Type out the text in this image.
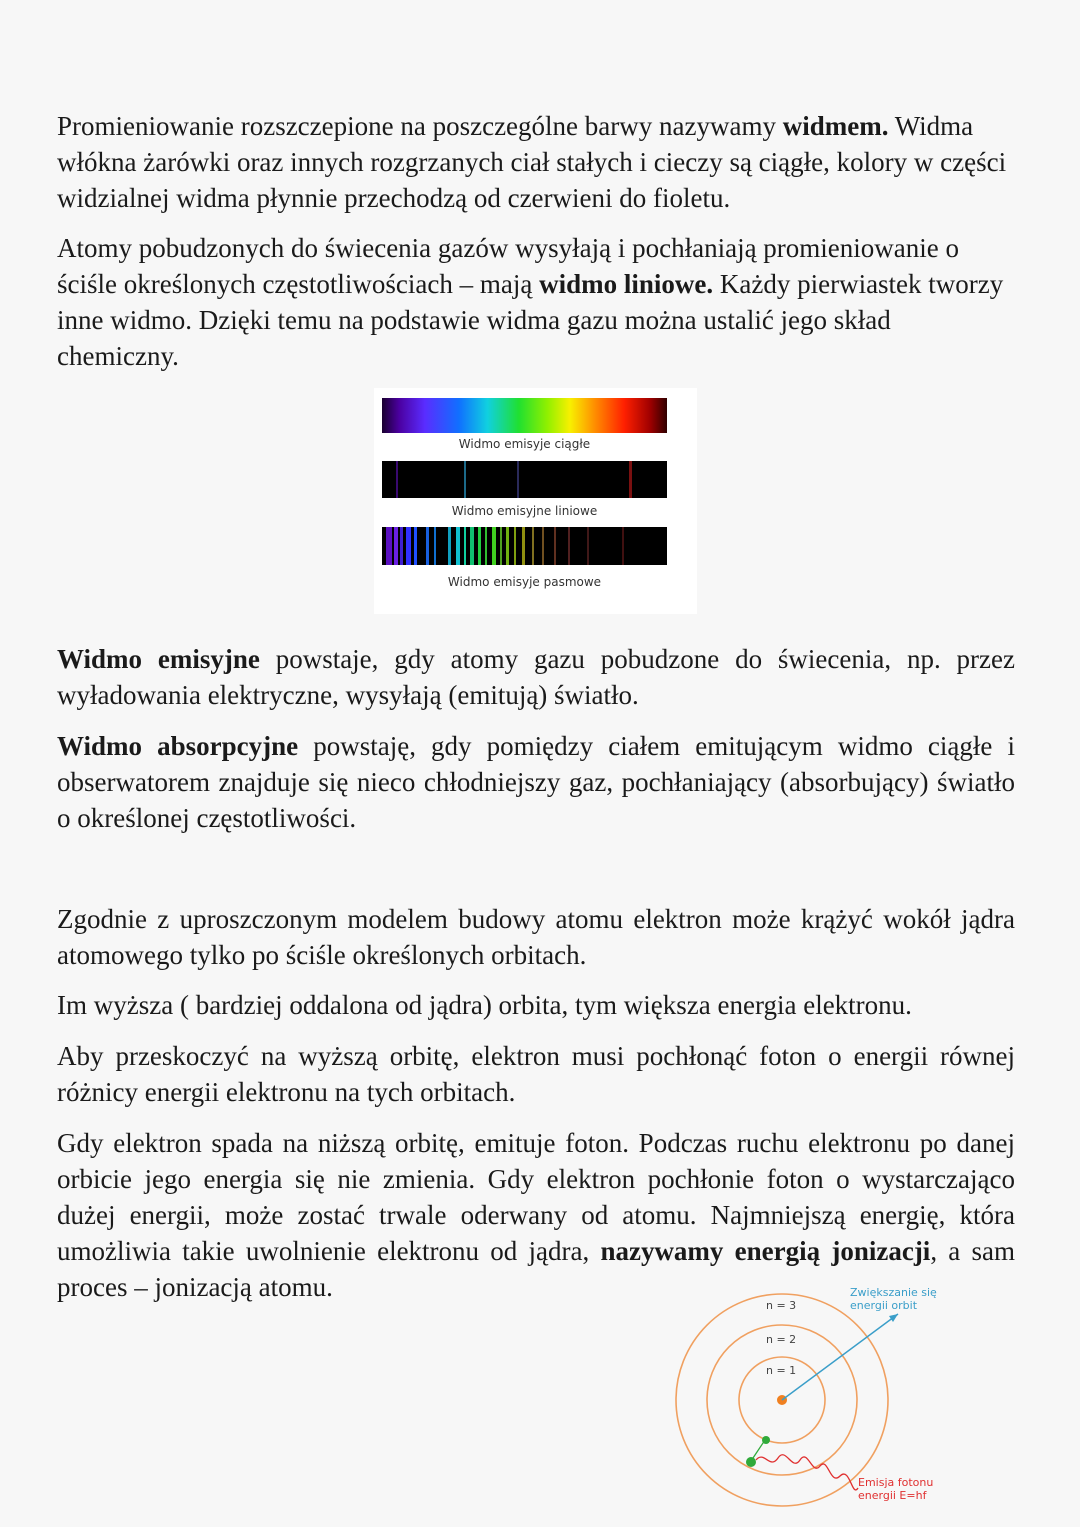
Promieniowanie rozszczepione na poszczególne barwy nazywamy widmem. Widma włókna żarówki oraz innych rozgrzanych ciał stałych i cieczy są ciągłe, kolory w części widzialnej widma płynnie przechodzą od czerwieni do fioletu.

Atomy pobudzonych do świecenia gazów wysyłają i pochłaniają promieniowanie o ściśle określonych częstotliwościach – mają widmo liniowe. Każdy pierwiastek tworzy inne widmo. Dzięki temu na podstawie widma gazu można ustalić jego skład chemiczny.

Widmo emisyje ciągłe
Widmo emisyjne liniowe
Widmo emisyje pasmowe

Widmo emisyjne powstaje, gdy atomy gazu pobudzone do świecenia, np. przez wyładowania elektryczne, wysyłają (emitują) światło.

Widmo absorpcyjne powstaję, gdy pomiędzy ciałem emitującym widmo ciągłe i obserwatorem znajduje się nieco chłodniejszy gaz, pochłaniający (absorbujący) światło o określonej częstotliwości.

Zgodnie z uproszczonym modelem budowy atomu elektron może krążyć wokół jądra atomowego tylko po ściśle określonych orbitach.

Im wyższa ( bardziej oddalona od jądra) orbita, tym większa energia elektronu.

Aby przeskoczyć na wyższą orbitę, elektron musi pochłonąć foton o energii równej różnicy energii elektronu na tych orbitach.

Gdy elektron spada na niższą orbitę, emituje foton. Podczas ruchu elektronu po danej orbicie jego energia się nie zmienia. Gdy elektron pochłonie foton o wystarczająco dużej energii, może zostać trwale oderwany od atomu. Najmniejszą energię, która umożliwia takie uwolnienie elektronu od jądra, nazywamy energią jonizacji, a sam proces – jonizacją atomu.

n = 3
n = 2
n = 1
Zwiększanie się
energii orbit
Emisja fotonu
energii E=hf
